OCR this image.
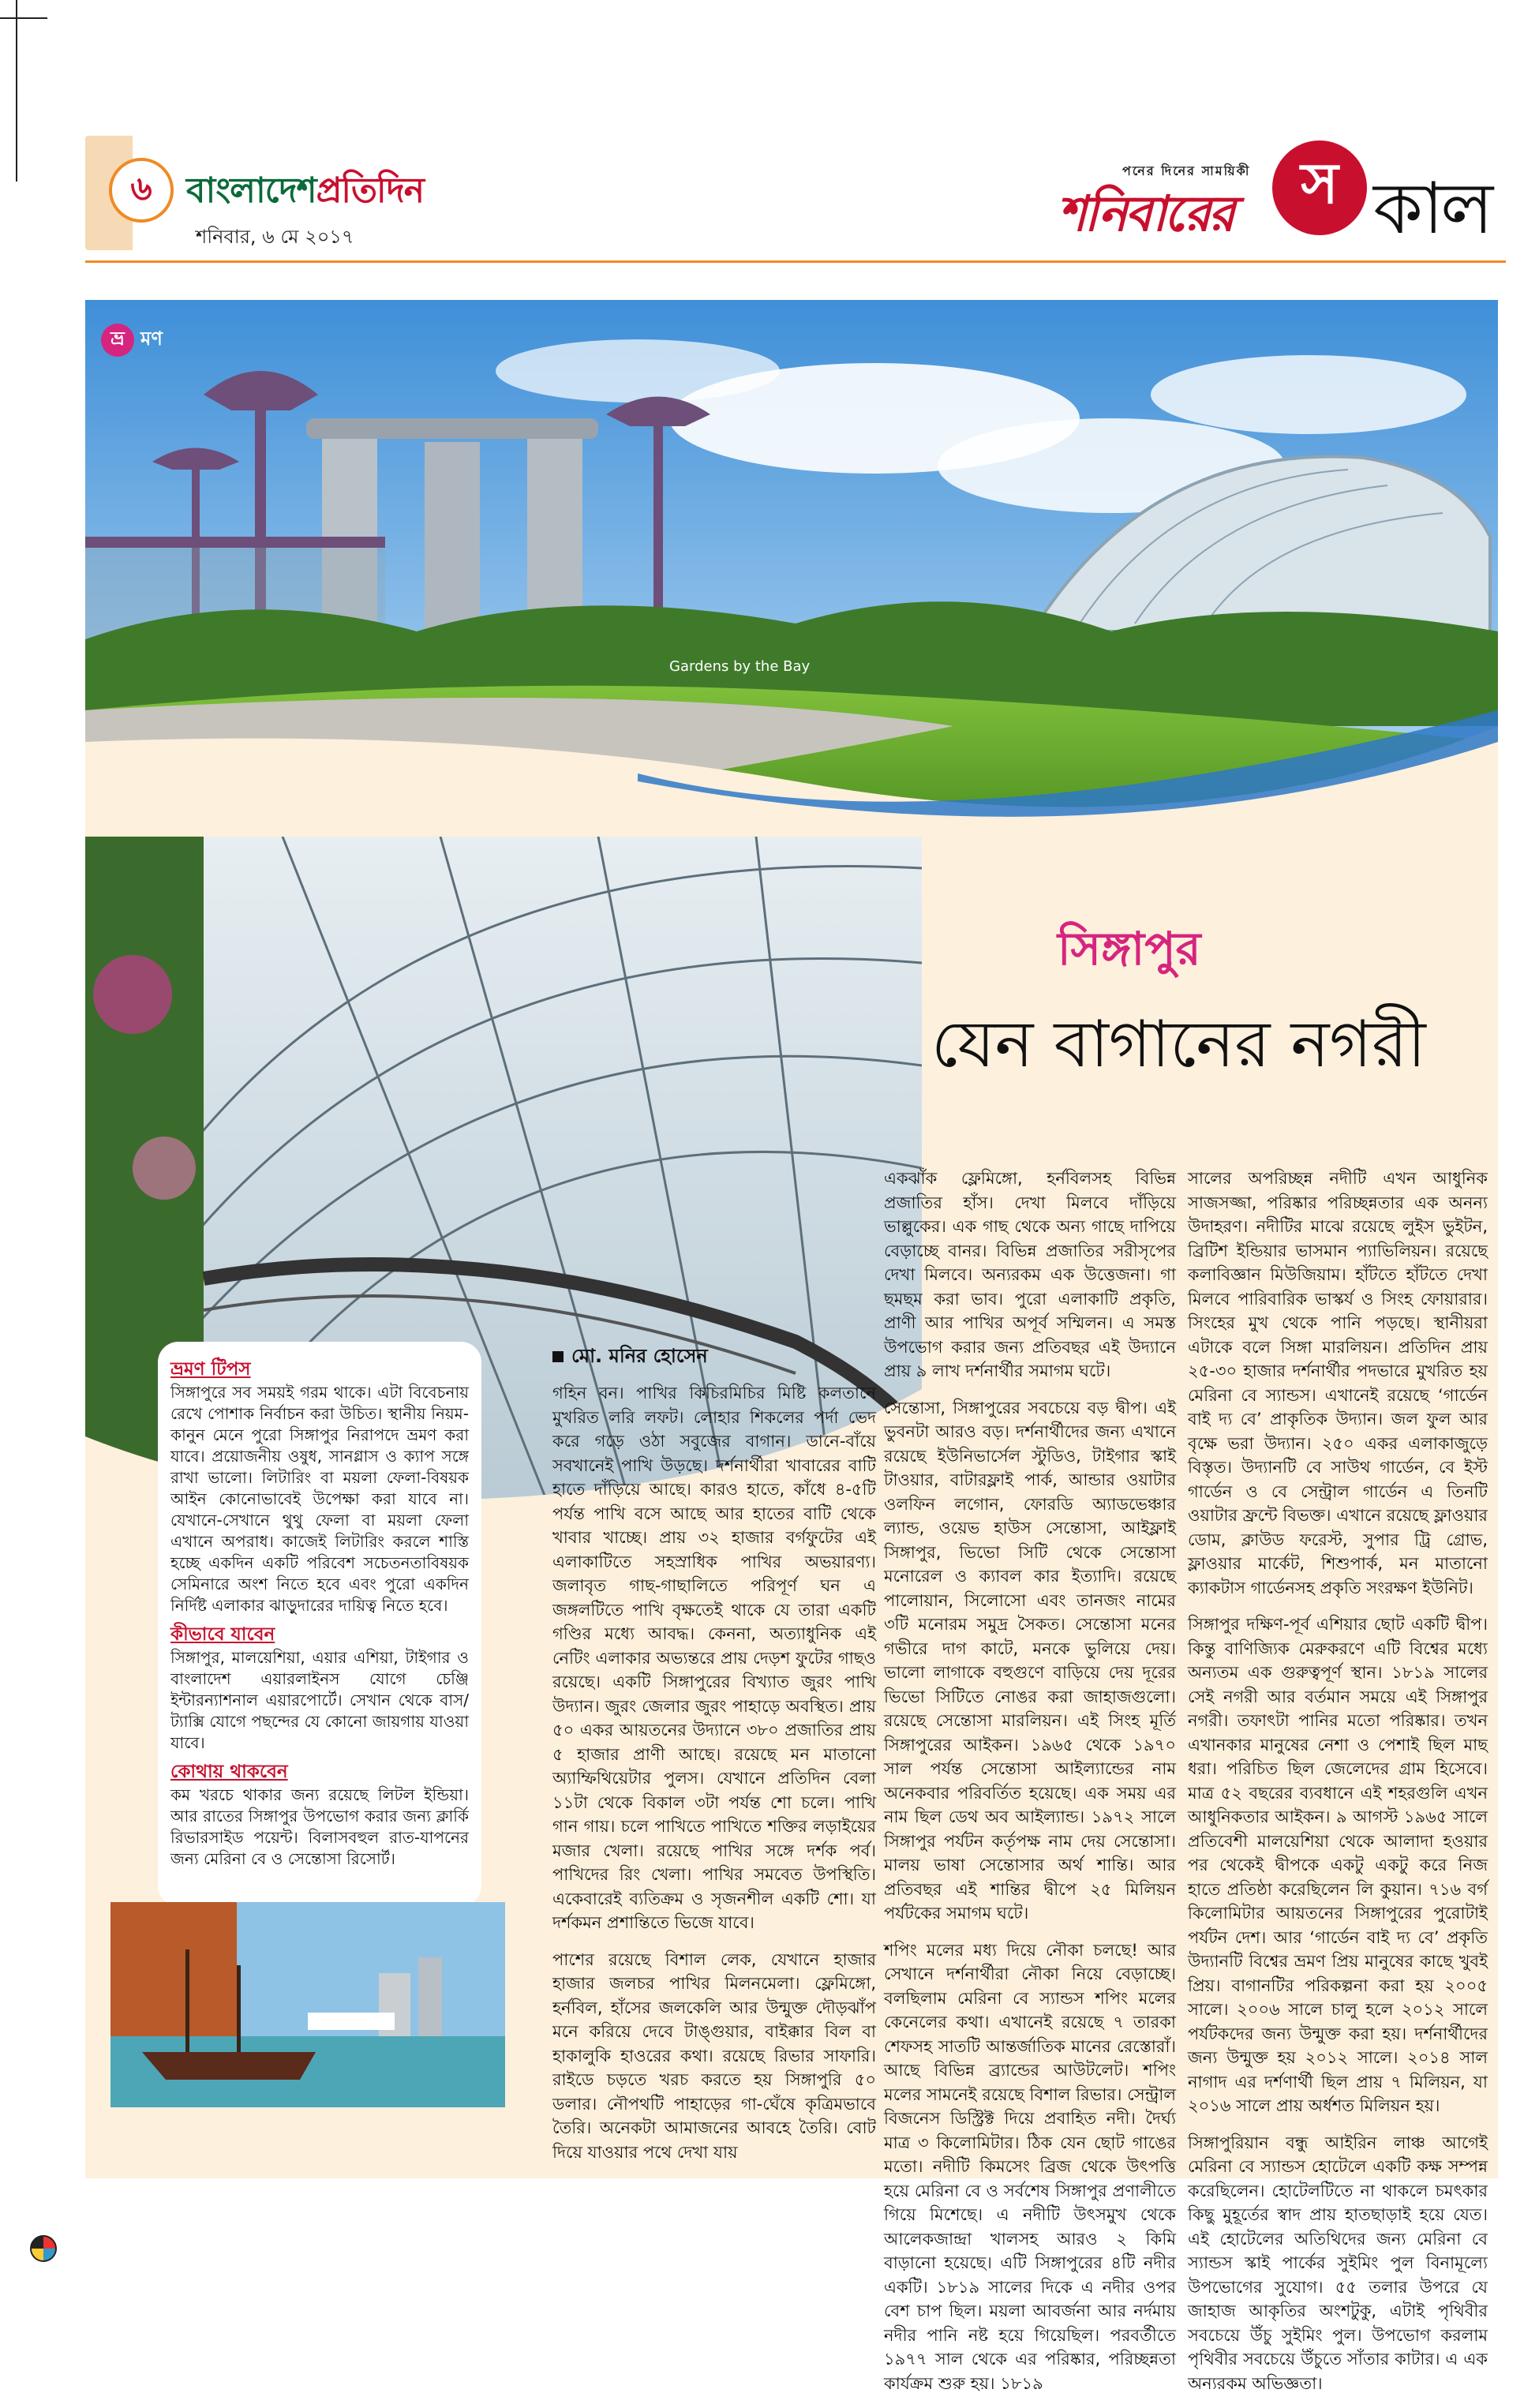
৬ বাংলাদেশপ্রতিদিন
শনিবার, ৬ মে ২০১৭
পনের দিনের সাময়িকী
শনিবারের	স কাল
ভ্র মণ
Gardens by the Bay
সিঙ্গাপুর
যেন বাগানের নগরী
ভ্রমণ টিপস

সিঙ্গাপুরে সব সময়ই গরম থাকে। এটা বিবেচনায় রেখে পোশাক নির্বাচন করা উচিত। স্থানীয় নিয়ম-কানুন মেনে পুরো সিঙ্গাপুর নিরাপদে ভ্রমণ করা যাবে। প্রয়োজনীয় ওষুধ, সানগ্লাস ও ক্যাপ সঙ্গে রাখা ভালো। লিটারিং বা ময়লা ফেলা-বিষয়ক আইন কোনোভাবেই উপেক্ষা করা যাবে না। যেখানে-সেখানে থুথু ফেলা বা ময়লা ফেলা এখানে অপরাধ। কাজেই লিটারিং করলে শাস্তি হচ্ছে একদিন একটি পরিবেশ সচেতনতাবিষয়ক সেমিনারে অংশ নিতে হবে এবং পুরো একদিন নির্দিষ্ট এলাকার ঝাড়ুদারের দায়িত্ব নিতে হবে।

কীভাবে যাবেন

সিঙ্গাপুর, মালয়েশিয়া, এয়ার এশিয়া, টাইগার ও বাংলাদেশ এয়ারলাইনস যোগে চেঞ্জি ইন্টারন্যাশনাল এয়ারপোর্টে। সেখান থেকে বাস/ট্যাক্সি যোগে পছন্দের যে কোনো জায়গায় যাওয়া যাবে।

কোথায় থাকবেন

কম খরচে থাকার জন্য রয়েছে লিটল ইন্ডিয়া। আর রাতের সিঙ্গাপুর উপভোগ করার জন্য ক্লার্কি রিভারসাইড পয়েন্ট। বিলাসবহুল রাত-যাপনের জন্য মেরিনা বে ও সেন্তোসা রিসোর্ট।

মো. মনির হোসেন

গহিন বন। পাখির কিচিরমিচির মিষ্টি কলতানে মুখরিত লরি লফট। লোহার শিকলের পর্দা ভেদ করে গড়ে ওঠা সবুজের বাগান। ডানে-বাঁয়ে সবখানেই পাখি উড়ছে। দর্শনার্থীরা খাবারের বাটি হাতে দাঁড়িয়ে আছে। কারও হাতে, কাঁধে ৪-৫টি পর্যন্ত পাখি বসে আছে আর হাতের বাটি থেকে খাবার খাচ্ছে। প্রায় ৩২ হাজার বর্গফুটের এই এলাকাটিতে সহস্রাধিক পাখির অভয়ারণ্য। জলাবৃত গাছ-গাছালিতে পরিপূর্ণ ঘন এ জঙ্গলটিতে পাখি বৃক্ষতেই থাকে যে তারা একটি গণ্ডির মধ্যে আবদ্ধ। কেননা, অত্যাধুনিক এই নেটিং এলাকার অভ্যন্তরে প্রায় দেড়শ ফুটের গাছও রয়েছে। একটি সিঙ্গাপুরের বিখ্যাত জুরং পাখি উদ্যান। জুরং জেলার জুরং পাহাড়ে অবস্থিত। প্রায় ৫০ একর আয়তনের উদ্যানে ৩৮০ প্রজাতির প্রায় ৫ হাজার প্রাণী আছে। রয়েছে মন মাতানো অ্যাম্ফিথিয়েটার পুলস। যেখানে প্রতিদিন বেলা ১১টা থেকে বিকাল ৩টা পর্যন্ত শো চলে। পাখি গান গায়। চলে পাখিতে পাখিতে শক্তির লড়াইয়ের মজার খেলা। রয়েছে পাখির সঙ্গে দর্শক পর্ব। পাখিদের রিং খেলা। পাখির সমবেত উপস্থিতি। একেবারেই ব্যতিক্রম ও সৃজনশীল একটি শো। যা দর্শকমন প্রশান্তিতে ভিজে যাবে।

পাশের রয়েছে বিশাল লেক, যেখানে হাজার হাজার জলচর পাখির মিলনমেলা। ফ্লেমিঙ্গো, হর্নবিল, হাঁসের জলকেলি আর উন্মুক্ত দৌড়ঝাঁপ মনে করিয়ে দেবে টাঙ্গুয়ার, বাইক্কার বিল বা হাকালুকি হাওরের কথা। রয়েছে রিভার সাফারি। রাইডে চড়তে খরচ করতে হয় সিঙ্গাপুরি ৫০ ডলার। নৌপথটি পাহাড়ের গা-ঘেঁষে কৃত্রিমভাবে তৈরি। অনেকটা আমাজনের আবহে তৈরি। বোট দিয়ে যাওয়ার পথে দেখা যায়

একঝাঁক ফ্লেমিঙ্গো, হর্নবিলসহ বিভিন্ন প্রজাতির হাঁস। দেখা মিলবে দাঁড়িয়ে ভাল্লুকের। এক গাছ থেকে অন্য গাছে দাপিয়ে বেড়াচ্ছে বানর। বিভিন্ন প্রজাতির সরীসৃপের দেখা মিলবে। অন্যরকম এক উত্তেজনা। গা ছমছম করা ভাব। পুরো এলাকাটি প্রকৃতি, প্রাণী আর পাখির অপূর্ব সম্মিলন। এ সমস্ত উপভোগ করার জন্য প্রতিবছর এই উদ্যানে প্রায় ৯ লাখ দর্শনার্থীর সমাগম ঘটে।

সেন্তোসা, সিঙ্গাপুরের সবচেয়ে বড় দ্বীপ। এই ভুবনটা আরও বড়। দর্শনার্থীদের জন্য এখানে রয়েছে ইউনিভার্সেল স্টুডিও, টাইগার স্কাই টাওয়ার, বাটারফ্লাই পার্ক, আন্ডার ওয়াটার ওলফিন লগোন, ফোরডি অ্যাডভেঞ্চার ল্যান্ড, ওয়েভ হাউস সেন্তোসা, আইফ্লাই সিঙ্গাপুর, ভিভো সিটি থেকে সেন্তোসা মনোরেল ও ক্যাবল কার ইত্যাদি। রয়েছে পালোয়ান, সিলোসো এবং তানজং নামের ৩টি মনোরম সমুদ্র সৈকত। সেন্তোসা মনের গভীরে দাগ কাটে, মনকে ভুলিয়ে দেয়। ভালো লাগাকে বহুগুণে বাড়িয়ে দেয় দূরের ভিভো সিটিতে নোঙর করা জাহাজগুলো। রয়েছে সেন্তোসা মারলিয়ন। এই সিংহ মূর্তি সিঙ্গাপুরের আইকন। ১৯৬৫ থেকে ১৯৭০ সাল পর্যন্ত সেন্তোসা আইল্যান্ডের নাম অনেকবার পরিবর্তিত হয়েছে। এক সময় এর নাম ছিল ডেথ অব আইল্যান্ড। ১৯৭২ সালে সিঙ্গাপুর পর্যটন কর্তৃপক্ষ নাম দেয় সেন্তোসা। মালয় ভাষা সেন্তোসার অর্থ শান্তি। আর প্রতিবছর এই শান্তির দ্বীপে ২৫ মিলিয়ন পর্যটকের সমাগম ঘটে।

শপিং মলের মধ্য দিয়ে নৌকা চলছে! আর সেখানে দর্শনার্থীরা নৌকা নিয়ে বেড়াচ্ছে। বলছিলাম মেরিনা বে স্যান্ডস শপিং মলের কেনেলের কথা। এখানেই রয়েছে ৭ তারকা শেফসহ সাতটি আন্তর্জাতিক মানের রেস্তোরাঁ। আছে বিভিন্ন ব্র্যান্ডের আউটলেট। শপিং মলের সামনেই রয়েছে বিশাল রিভার। সেন্ট্রাল বিজনেস ডিস্ট্রিক্ট দিয়ে প্রবাহিত নদী। দৈর্ঘ্য মাত্র ৩ কিলোমিটার। ঠিক যেন ছোট গাঙের মতো। নদীটি কিমসেং ব্রিজ থেকে উৎপত্তি হয়ে মেরিনা বে ও সর্বশেষ সিঙ্গাপুর প্রণালীতে গিয়ে মিশেছে। এ নদীটি উৎসমুখ থেকে আলেকজান্দ্রা খালসহ আরও ২ কিমি বাড়ানো হয়েছে। এটি সিঙ্গাপুরের ৪টি নদীর একটি। ১৮১৯ সালের দিকে এ নদীর ওপর বেশ চাপ ছিল। ময়লা আবর্জনা আর নর্দমায় নদীর পানি নষ্ট হয়ে গিয়েছিল। পরবর্তীতে ১৯৭৭ সাল থেকে এর পরিষ্কার, পরিচ্ছন্নতা কার্যক্রম শুরু হয়। ১৮১৯

সালের অপরিচ্ছন্ন নদীটি এখন আধুনিক সাজসজ্জা, পরিষ্কার পরিচ্ছন্নতার এক অনন্য উদাহরণ। নদীটির মাঝে রয়েছে লুইস ভুইটন, ব্রিটিশ ইন্ডিয়ার ভাসমান প্যাভিলিয়ন। রয়েছে কলাবিজ্ঞান মিউজিয়াম। হাঁটতে হাঁটতে দেখা মিলবে পারিবারিক ভাস্কর্য ও সিংহ ফোয়ারার। সিংহের মুখ থেকে পানি পড়ছে। স্থানীয়রা এটাকে বলে সিঙ্গা মারলিয়ন। প্রতিদিন প্রায় ২৫-৩০ হাজার দর্শনার্থীর পদভারে মুখরিত হয় মেরিনা বে স্যান্ডস। এখানেই রয়েছে ‘গার্ডেন বাই দ্য বে’ প্রাকৃতিক উদ্যান। জল ফুল আর বৃক্ষে ভরা উদ্যান। ২৫০ একর এলাকাজুড়ে বিস্তৃত। উদ্যানটি বে সাউথ গার্ডেন, বে ইস্ট গার্ডেন ও বে সেন্ট্রাল গার্ডেন এ তিনটি ওয়াটার ফ্রন্টে বিভক্ত। এখানে রয়েছে ফ্লাওয়ার ডোম, ক্লাউড ফরেস্ট, সুপার ট্রি গ্রোভ, ফ্লাওয়ার মার্কেট, শিশুপার্ক, মন মাতানো ক্যাকটাস গার্ডেনসহ প্রকৃতি সংরক্ষণ ইউনিট।

সিঙ্গাপুর দক্ষিণ-পূর্ব এশিয়ার ছোট একটি দ্বীপ। কিন্তু বাণিজ্যিক মেরুকরণে এটি বিশ্বের মধ্যে অন্যতম এক গুরুত্বপূর্ণ স্থান। ১৮১৯ সালের সেই নগরী আর বর্তমান সময়ে এই সিঙ্গাপুর নগরী। তফাৎটা পানির মতো পরিষ্কার। তখন এখানকার মানুষের নেশা ও পেশাই ছিল মাছ ধরা। পরিচিত ছিল জেলেদের গ্রাম হিসেবে। মাত্র ৫২ বছরের ব্যবধানে এই শহরগুলি এখন আধুনিকতার আইকন। ৯ আগস্ট ১৯৬৫ সালে প্রতিবেশী মালয়েশিয়া থেকে আলাদা হওয়ার পর থেকেই দ্বীপকে একটু একটু করে নিজ হাতে প্রতিষ্ঠা করেছিলেন লি কুয়ান। ৭১৬ বর্গ কিলোমিটার আয়তনের সিঙ্গাপুরের পুরোটাই পর্যটন দেশ। আর ‘গার্ডেন বাই দ্য বে’ প্রকৃতি উদ্যানটি বিশ্বের ভ্রমণ প্রিয় মানুষের কাছে খুবই প্রিয়। বাগানটির পরিকল্পনা করা হয় ২০০৫ সালে। ২০০৬ সালে চালু হলে ২০১২ সালে পর্যটকদের জন্য উন্মুক্ত করা হয়। দর্শনার্থীদের জন্য উন্মুক্ত হয় ২০১২ সালে। ২০১৪ সাল নাগাদ এর দর্শণার্থী ছিল প্রায় ৭ মিলিয়ন, যা ২০১৬ সালে প্রায় অর্ধশত মিলিয়ন হয়।

সিঙ্গাপুরিয়ান বন্ধু আইরিন লাঞ্চ আগেই মেরিনা বে স্যান্ডস হোটেলে একটি কক্ষ সম্পন্ন করেছিলেন। হোটেলটিতে না থাকলে চমৎকার কিছু মুহূর্তের স্বাদ প্রায় হাতছাড়াই হয়ে যেত। এই হোটেলের অতিথিদের জন্য মেরিনা বে স্যান্ডস স্কাই পার্কের সুইমিং পুল বিনামূল্যে উপভোগের সুযোগ। ৫৫ তলার উপরে যে জাহাজ আকৃতির অংশটুকু, এটাই পৃথিবীর সবচেয়ে উঁচু সুইমিং পুল। উপভোগ করলাম পৃথিবীর সবচেয়ে উঁচুতে সাঁতার কাটার। এ এক অন্যরকম অভিজ্ঞতা।
